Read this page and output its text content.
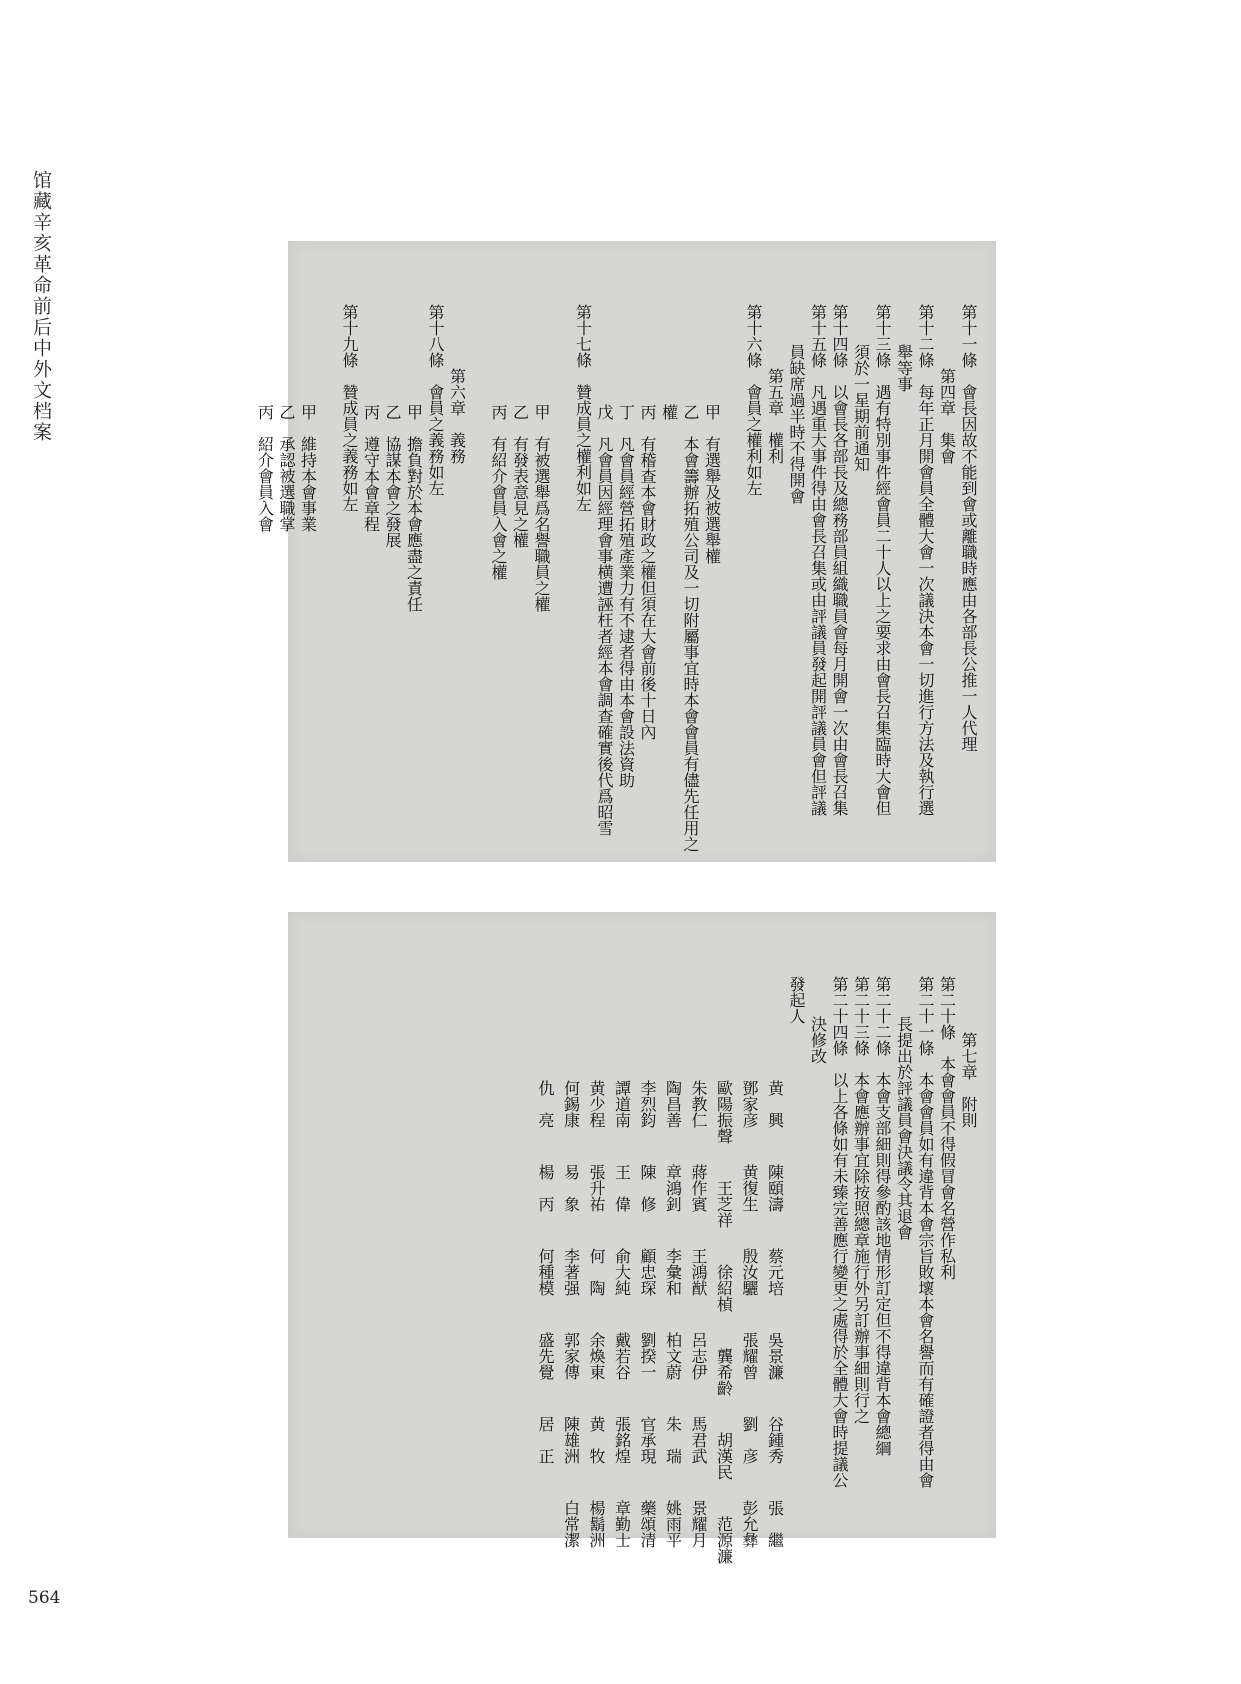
馆藏辛亥革命前后中外文档案	第十一條　會長因故不能到會或離職時應由各部長公推一人代理
第四章　集會
第十二條　每年正月開會員全體大會一次議決本會一切進行方法及執行選
舉等事
第十三條　遇有特別事件經會員二十人以上之要求由會長召集臨時大會但
須於一星期前通知
第十四條　以會長各部長及總務部員組織職員會每月開會一次由會長召集
第十五條　凡遇重大事件得由會長召集或由評議員發起開評議員會但評議
員缺席過半時不得開會
第五章　權利
第十六條　會員之權利如左
甲　有選舉及被選舉權
乙　本會籌辦拓殖公司及一切附屬事宜時本會會員有儘先任用之
權
丙　有稽查本會財政之權但須在大會前後十日內
丁　凡會員經營拓殖產業力有不逮者得由本會設法資助
戊　凡會員因經理會事横遭誣枉者經本會調查確實後代爲昭雪
第十七條　贊成員之權利如左
甲　有被選舉爲名譽職員之權
乙　有發表意見之權
丙　有紹介會員入會之權
第六章　義務
第十八條　會員之義務如左
甲　擔負對於本會應盡之責任
乙　協謀本會之發展
丙　遵守本會章程
第十九條　贊成員之義務如左
甲　維持本會事業
乙　承認被選職掌
丙　紹介會員入會
第七章　附則
第二十條　本會會員不得假冒會名營作私利
第二十一條　本會會員如有違背本會宗旨敗壞本會名譽而有確證者得由會
長提出於評議員會決議令其退會
第二十二條　本會支部細則得參酌該地情形訂定但不得違背本會總綱
第二十三條　本會應辦事宜除按照總章施行外另訂辦事細則行之
第二十四條　以上各條如有未臻完善應行變更之處得於全體大會時提議公
決修改
發起人
黄　興陳頤濤蔡元培吳景濂谷鍾秀張　繼
鄧家彦黄復生殷汝驪張耀曾劉　彦彭允彝
歐陽振聲王芝祥徐紹楨龔希齡胡漢民范源濂
朱教仁蔣作賓王鴻猷呂志伊馬君武景耀月
陶昌善章鴻釗李彙和柏文蔚朱　瑞姚雨平
李烈鈞陳　修顧忠琛劉揆一官承現藥頌清
譚道南王　偉俞大純戴若谷張銘煌章勤士
黄少程張升祐何　陶余煥東黄　牧楊鬍洲
何錫康易　象李著强郭家傳陳雄洲白常潔
仇　亮楊　丙何種模盛先覺居　正
564
